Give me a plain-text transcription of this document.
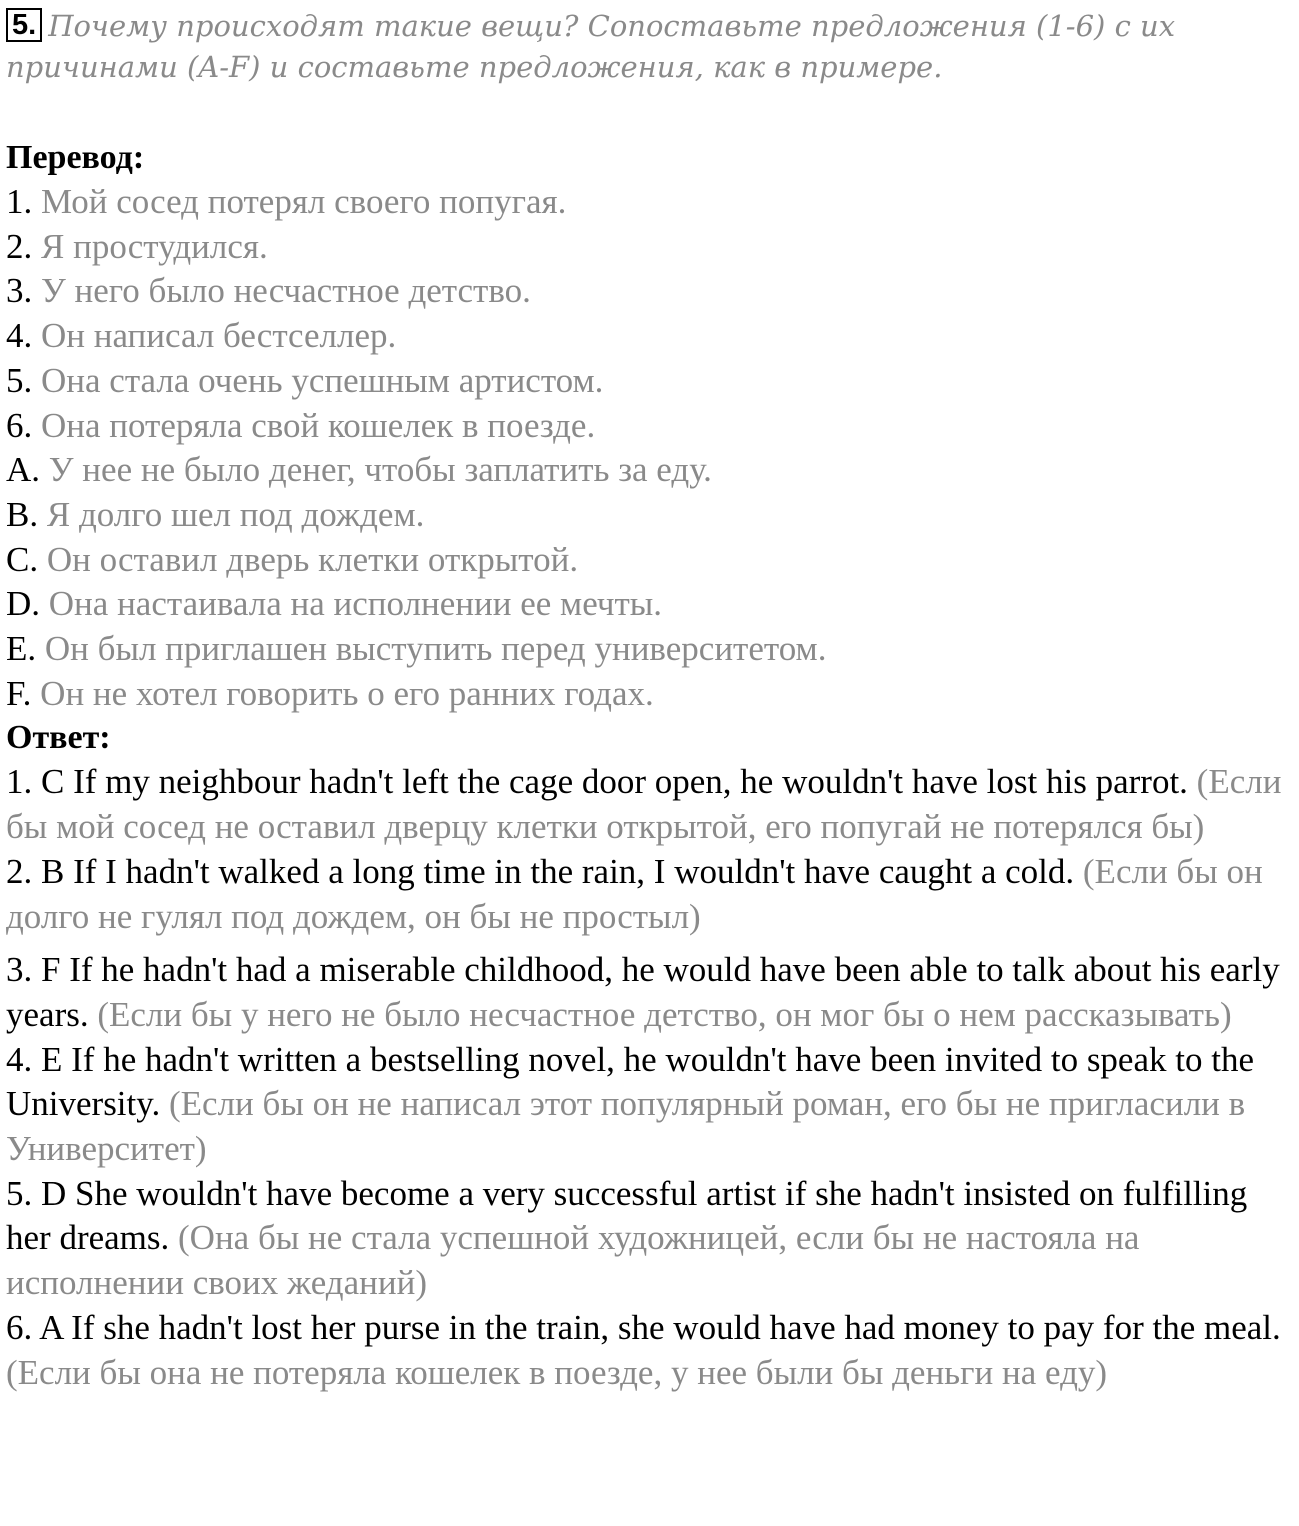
5. Почему происходят такие вещи? Сопоставьте предложения (1-6) с их причинами (A-F) и составьте предложения, как в примере.

Перевод:

1. Мой сосед потерял своего попугая.

2. Я простудился.

3. У него было несчастное детство.

4. Он написал бестселлер.

5. Она стала очень успешным артистом.

6. Она потеряла свой кошелек в поезде.

A. У нее не было денег, чтобы заплатить за еду.

B. Я долго шел под дождем.

C. Он оставил дверь клетки открытой.

D. Она настаивала на исполнении ее мечты.

E. Он был приглашен выступить перед университетом.

F. Он не хотел говорить о его ранних годах.

Ответ:

1. C If my neighbour hadn't left the cage door open, he wouldn't have lost his parrot. (Если бы мой сосед не оставил дверцу клетки открытой, его попугай не потерялся бы)

2. B If I hadn't walked a long time in the rain, I wouldn't have caught a cold. (Если бы он долго не гулял под дождем, он бы не простыл)

3. F If he hadn't had a miserable childhood, he would have been able to talk about his early years. (Если бы у него не было несчастное детство, он мог бы о нем рассказывать)

4. E If he hadn't written a bestselling novel, he wouldn't have been invited to speak to the University. (Если бы он не написал этот популярный роман, его бы не пригласили в Университет)

5. D She wouldn't have become a very successful artist if she hadn't insisted on fulfilling her dreams. (Она бы не стала успешной художницей, если бы не настояла на исполнении своих жеданий)

6. A If she hadn't lost her purse in the train, she would have had money to pay for the meal. (Если бы она не потеряла кошелек в поезде, у нее были бы деньги на еду)
